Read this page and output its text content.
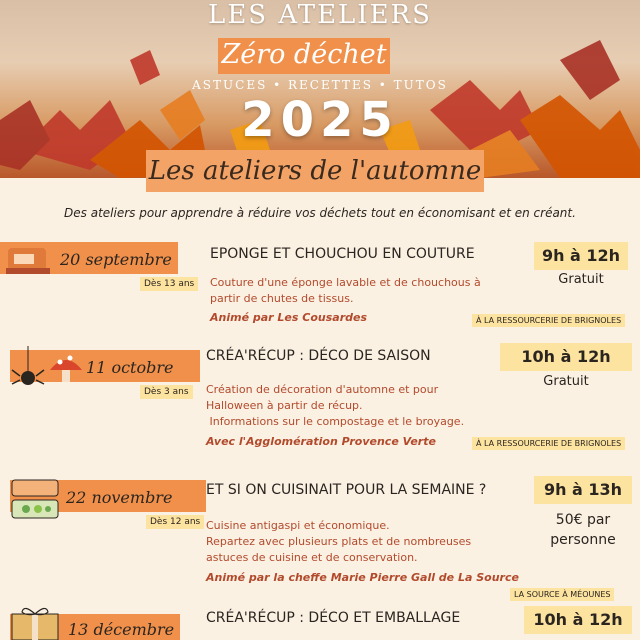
LES ATELIERS
Zéro déchet
ASTUCES • RECETTES • TUTOS
2025
Les ateliers de l'automne
Des ateliers pour apprendre à réduire vos déchets tout en économisant et en créant.
20 septembre
Dès 13 ans
EPONGE ET CHOUCHOU EN COUTURE	9h à 12h
Gratuit
Couture d'une éponge lavable et de chouchous à
partir de chutes de tissus.
Animé par Les Cousardes	À LA RESSOURCERIE DE BRIGNOLES
11 octobre
Dès 3 ans
CRÉA'RÉCUP : DÉCO DE SAISON	10h à 12h
Gratuit
Création de décoration d'automne et pour
Halloween à partir de récup.
Informations sur le compostage et le broyage.
Avec l'Agglomération Provence Verte	À LA RESSOURCERIE DE BRIGNOLES
22 novembre
Dès 12 ans
ET SI ON CUISINAIT POUR LA SEMAINE ?	9h à 13h
50€ par personne
Cuisine antigaspi et économique.
Repartez avec plusieurs plats et de nombreuses
astuces de cuisine et de conservation.
Animé par la cheffe Marie Pierre Gall de La Source
LA SOURCE À MÉOUNES
13 décembre
CRÉA'RÉCUP : DÉCO ET EMBALLAGE	10h à 12h
